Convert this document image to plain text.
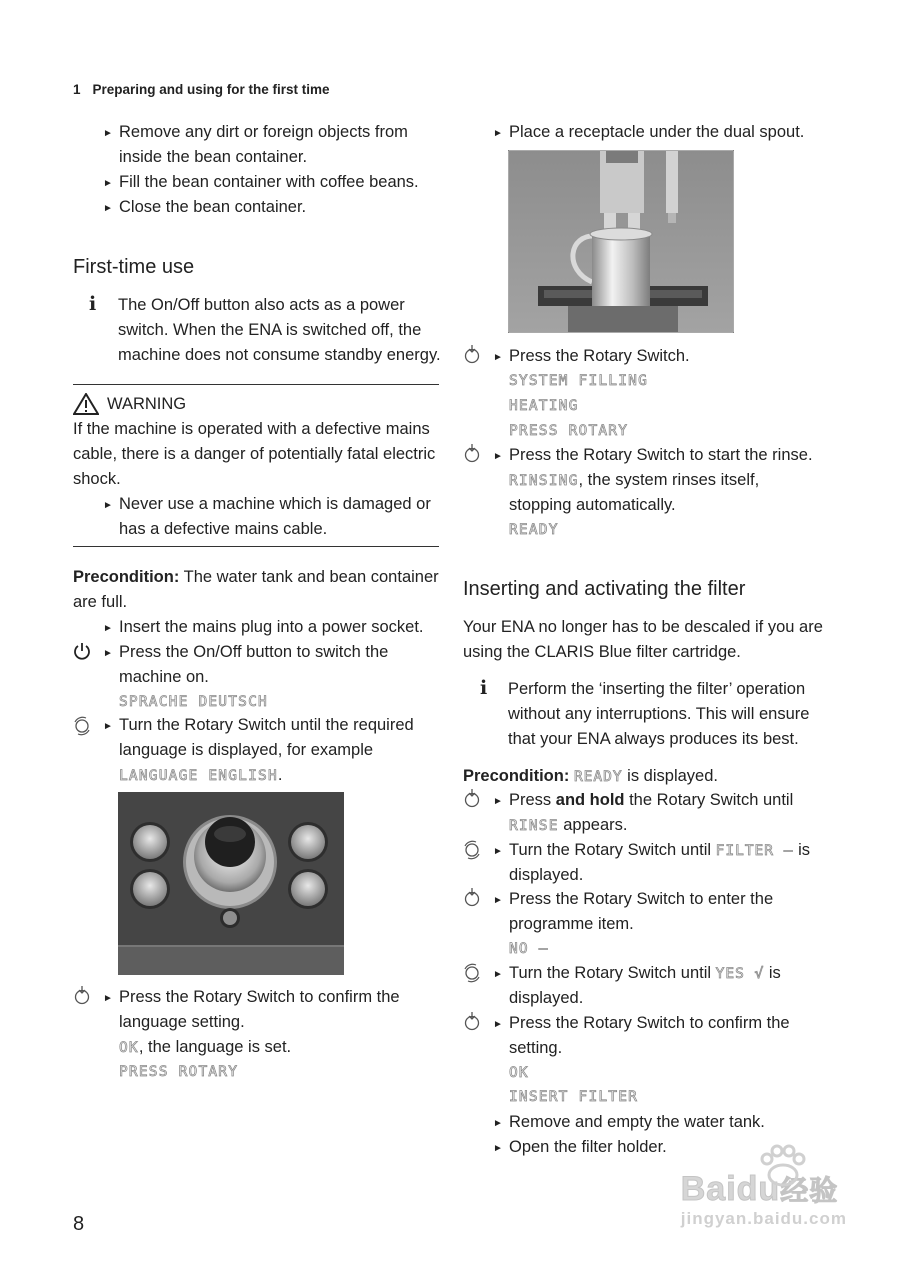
1 Preparing and using for the first time
► Remove any dirt or foreign objects from
inside the bean container.
► Fill the bean container with coffee beans.
► Close the bean container.
First-time use
i The On/Off button also acts as a power
switch. When the ENA is switched off, the
machine does not consume standby energy.
WARNING
If the machine is operated with a defective mains
cable, there is a danger of potentially fatal electric
shock.
► Never use a machine which is damaged or
has a defective mains cable.
Precondition: The water tank and bean container
are full.
► Insert the mains plug into a power socket.
► Press the On/Off button to switch the
machine on.
SPRACHE DEUTSCH
► Turn the Rotary Switch until the required
language is displayed, for example
LANGUAGE ENGLISH.
► Press the Rotary Switch to confirm the
language setting.
OK, the language is set.
PRESS ROTARY
► Place a receptacle under the dual spout.
► Press the Rotary Switch.
SYSTEM FILLING
HEATING
PRESS ROTARY
► Press the Rotary Switch to start the rinse.
RINSING, the system rinses itself,
stopping automatically.
READY
Inserting and activating the filter
Your ENA no longer has to be descaled if you are
using the CLARIS Blue filter cartridge.
i Perform the ‘inserting the filter’ operation
without any interruptions. This will ensure
that your ENA always produces its best.
Precondition: READY is displayed.
► Press and hold the Rotary Switch until
RINSE appears.
► Turn the Rotary Switch until FILTER – is
displayed.
► Press the Rotary Switch to enter the
programme item.
NO –
► Turn the Rotary Switch until YES √ is
displayed.
► Press the Rotary Switch to confirm the
setting.
OK
INSERT FILTER
► Remove and empty the water tank.
► Open the filter holder.
8
Baidu经验
jingyan.baidu.com
